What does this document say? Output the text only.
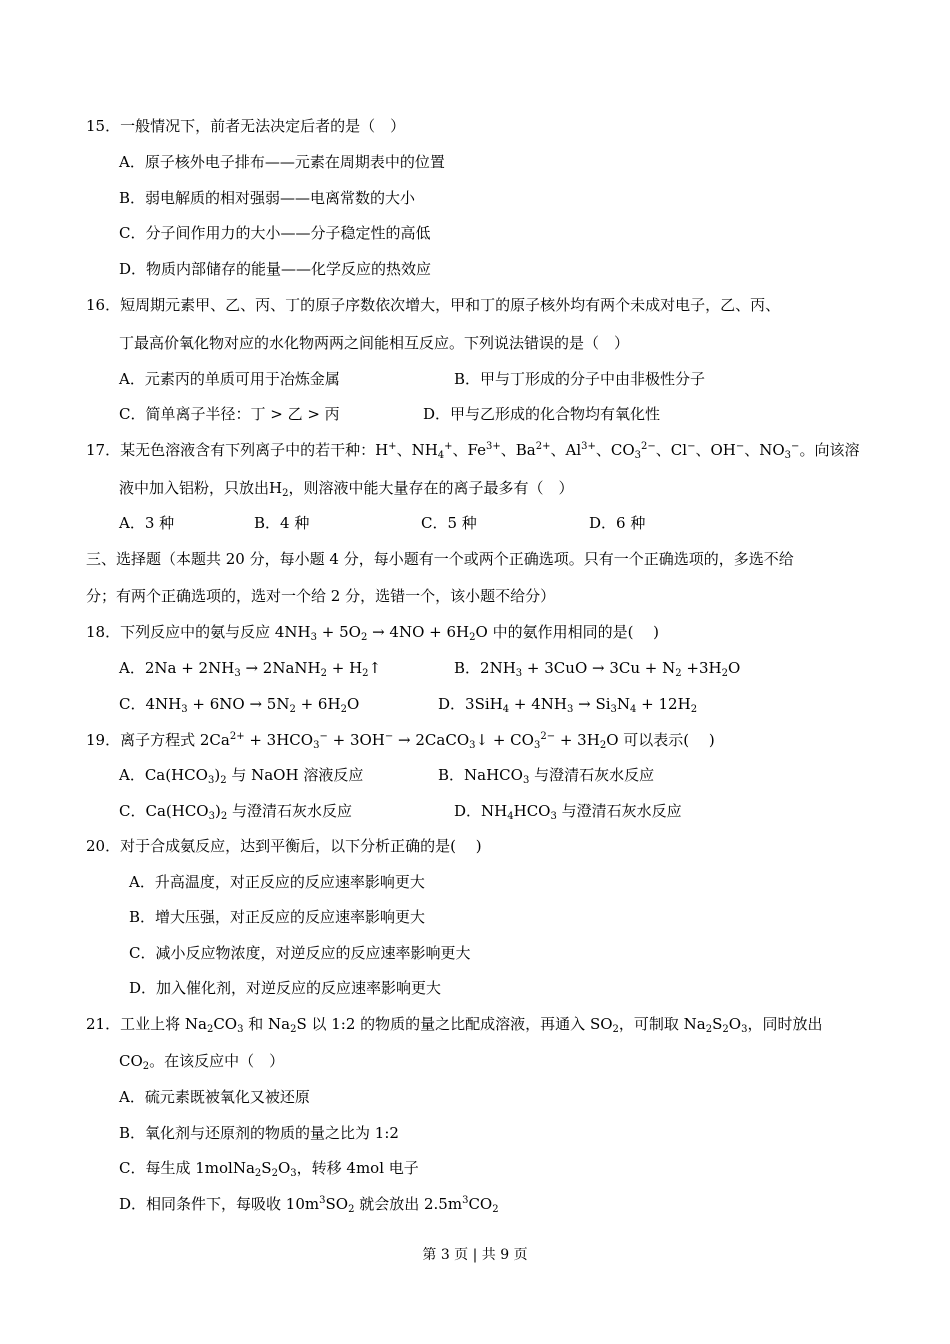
15．一般情况下，前者无法决定后者的是（　）
A．原子核外电子排布——元素在周期表中的位置
B．弱电解质的相对强弱——电离常数的大小
C．分子间作用力的大小——分子稳定性的高低
D．物质内部储存的能量——化学反应的热效应
16．短周期元素甲、乙、丙、丁的原子序数依次增大，甲和丁的原子核外均有两个未成对电子，乙、丙、
丁最高价氧化物对应的水化物两两之间能相互反应。下列说法错误的是（　）
A．元素丙的单质可用于冶炼金属	B．甲与丁形成的分子中由非极性分子
C．简单离子半径：丁 > 乙 > 丙	D．甲与乙形成的化合物均有氧化性
17．某无色溶液含有下列离子中的若干种：H+、$NH_4^+$、$Fe^{3+}$、$Ba^{2+}$、$Al^{3+}$、$CO_3^{2-}$、Cl−、OH−、$NO_3^-$。向该溶
液中加入铝粉，只放出$H_2$，则溶液中能大量存在的离子最多有（　）
A．3 种	B．4 种	C．5 种	D．6 种
三、选择题（本题共 20 分，每小题 4 分，每小题有一个或两个正确选项。只有一个正确选项的，多选不给
分；有两个正确选项的，选对一个给 2 分，选错一个，该小题不给分）
18．下列反应中的氨与反应 $4NH_3 + 5O_2 \to 4NO + 6H_2O$ 中的氨作用相同的是(　 )
A．$2Na + 2NH_3$ → 2NaNH$_2$ + $H_2↑$	B．$2NH_3 + 3CuO \to 3Cu + N_2 +3H_2O$
C．$4NH_3 + 6NO \to 5N_2 + 6H_2O$	D．$3SiH_4 + 4NH_3 \to Si_3N_4 + 12H_2$
19．离子方程式 $2Ca^{2+} + 3HCO_3^- + 3OH^-$ → 2CaCO$_3$↓ + $CO_3^{2-} + 3H_2O$ 可以表示(　 )
A．$Ca(HCO_3)_2$ 与 NaOH 溶液反应	B．NaHCO$_3$ 与澄清石灰水反应
C．$Ca(HCO_3)_2$ 与澄清石灰水反应	D．$NH_4HCO_3$ 与澄清石灰水反应
20．对于合成氨反应，达到平衡后，以下分析正确的是(　 )
A．升高温度，对正反应的反应速率影响更大
B．增大压强，对正反应的反应速率影响更大
C．减小反应物浓度，对逆反应的反应速率影响更大
D．加入催化剂，对逆反应的反应速率影响更大
21．工业上将 $Na_2CO_3$ 和 $Na_2S$ 以 1:2 的物质的量之比配成溶液，再通入 $SO_2$，可制取 $Na_2S_2O_3$，同时放出
$CO_2$。在该反应中（　）
A．硫元素既被氧化又被还原
B．氧化剂与还原剂的物质的量之比为 1:2
C．每生成 $1molNa_2S_2O_3$，转移 4mol 电子
D．相同条件下，每吸收 $10m^3SO_2$ 就会放出 $2.5m^3CO_2$
第 3 页 | 共 9 页
